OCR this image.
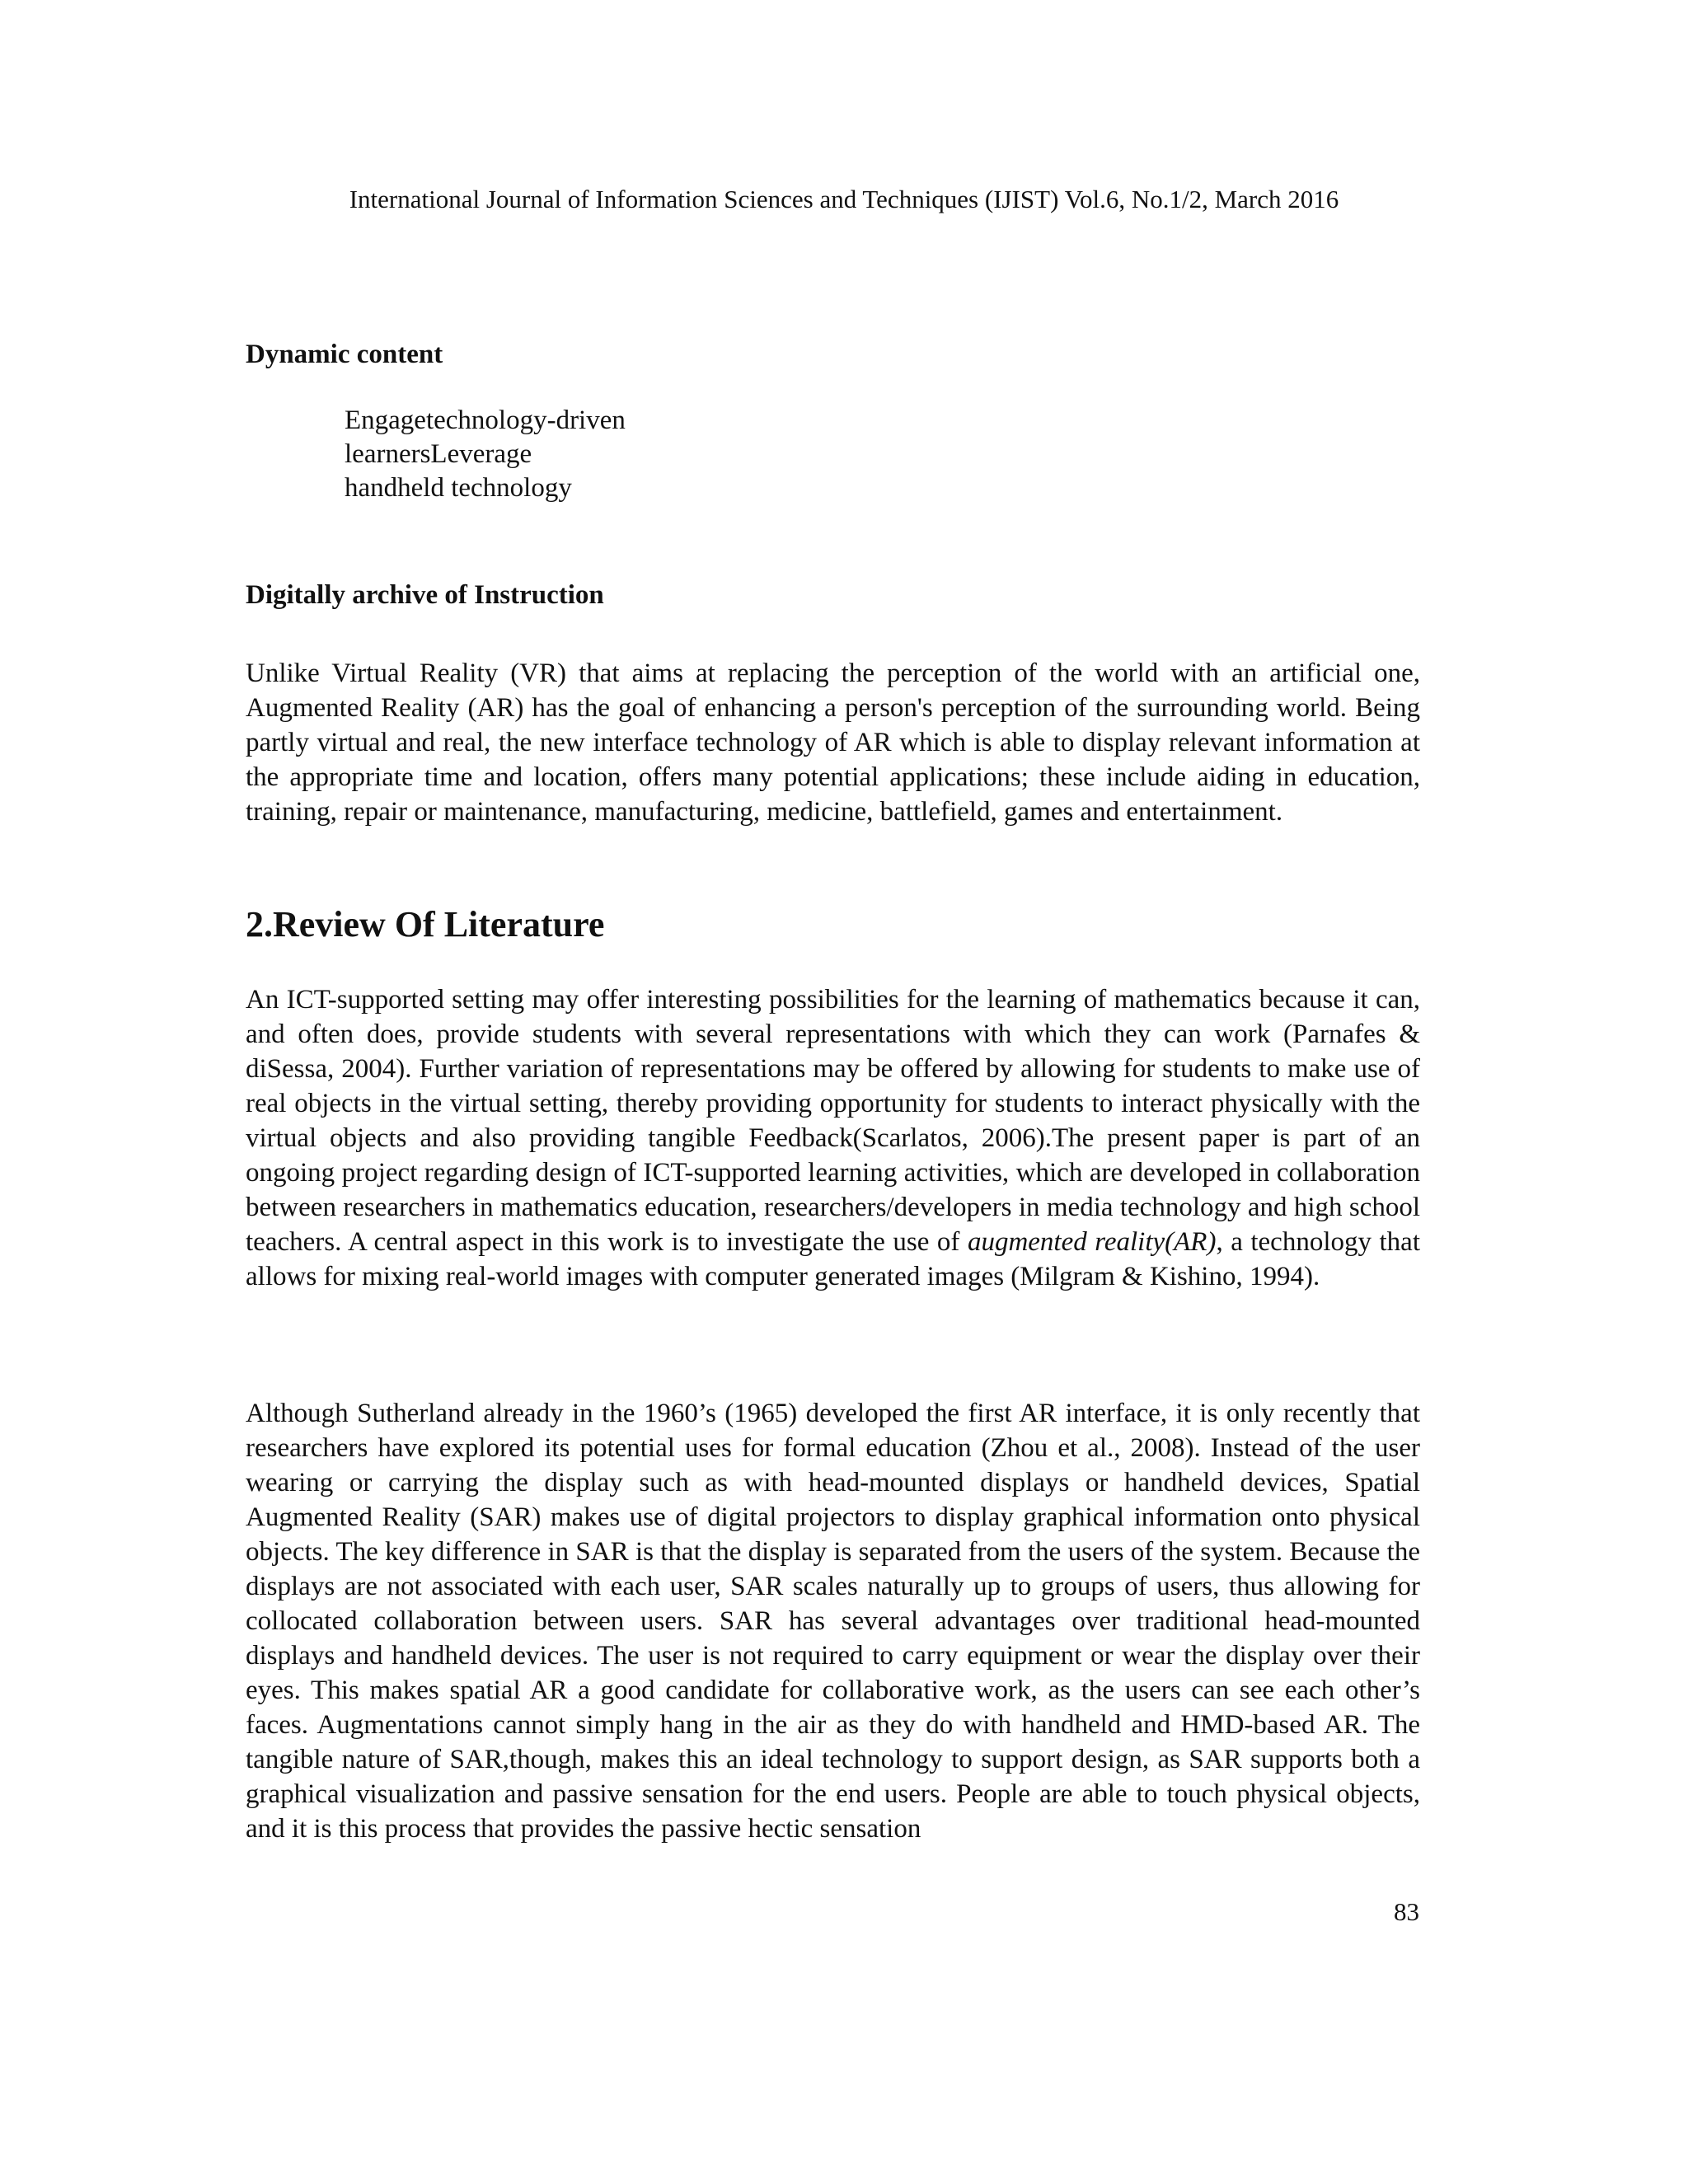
International Journal of Information Sciences and Techniques (IJIST) Vol.6, No.1/2, March 2016
Dynamic content
Engagetechnology-driven
learnersLeverage
handheld technology
Digitally archive of Instruction

Unlike Virtual Reality (VR) that aims at replacing the perception of the world with an artificial one, Augmented Reality (AR) has the goal of enhancing a person's perception of the surrounding world. Being partly virtual and real, the new interface technology of AR which is able to display relevant information at the appropriate time and location, offers many potential applications; these include aiding in education, training, repair or maintenance, manufacturing, medicine, battlefield, games and entertainment.

2.Review Of Literature

An ICT-supported setting may offer interesting possibilities for the learning of mathematics because it can, and often does, provide students with several representations with which they can work (Parnafes & diSessa, 2004). Further variation of representations may be offered by allowing for students to make use of real objects in the virtual setting, thereby providing opportunity for students to interact physically with the virtual objects and also providing tangible Feedback(Scarlatos, 2006).The present paper is part of an ongoing project regarding design of ICT-supported learning activities, which are developed in collaboration between researchers in mathematics education, researchers/developers in media technology and high school teachers. A central aspect in this work is to investigate the use of augmented reality(AR), a technology that allows for mixing real-world images with computer generated images (Milgram & Kishino, 1994).

Although Sutherland already in the 1960’s (1965) developed the first AR interface, it is only recently that researchers have explored its potential uses for formal education (Zhou et al., 2008). Instead of the user wearing or carrying the display such as with head-mounted displays or handheld devices, Spatial Augmented Reality (SAR) makes use of digital projectors to display graphical information onto physical objects. The key difference in SAR is that the display is separated from the users of the system. Because the displays are not associated with each user, SAR scales naturally up to groups of users, thus allowing for collocated collaboration between users. SAR has several advantages over traditional head-mounted displays and handheld devices. The user is not required to carry equipment or wear the display over their eyes. This makes spatial AR a good candidate for collaborative work, as the users can see each other’s faces. Augmentations cannot simply hang in the air as they do with handheld and HMD-based AR. The tangible nature of SAR,though, makes this an ideal technology to support design, as SAR supports both a graphical visualization and passive sensation for the end users. People are able to touch physical objects, and it is this process that provides the passive hectic sensation

83
